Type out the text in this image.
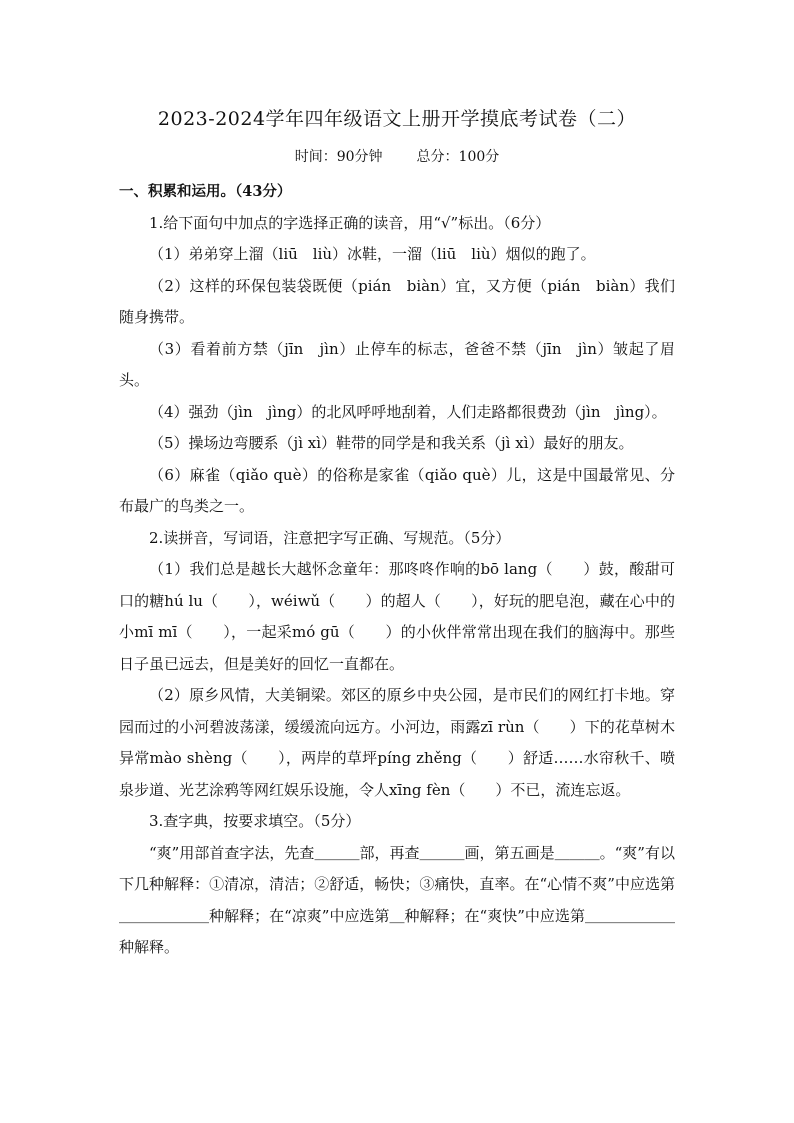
2023-2024学年四年级语文上册开学摸底考试卷（二）
时间：90分钟 总分：100分

一、积累和运用。（43分）

1.给下面句中加点的字选择正确的读音，用“√”标出。（6分）

（1）弟弟穿上溜（liū　liù）冰鞋，一溜（liū　liù）烟似的跑了。

（2）这样的环保包装袋既便（pián　biàn）宜，又方便（pián　biàn）我们随身携带。

（3）看着前方禁（jīn　jìn）止停车的标志，爸爸不禁（jīn　jìn）皱起了眉头。

（4）强劲（jìn　jìng）的北风呼呼地刮着，人们走路都很费劲（jìn　jìng）。

（5）操场边弯腰系（jì xì）鞋带的同学是和我关系（jì xì）最好的朋友。

（6）麻雀（qiǎo què）的俗称是家雀（qiǎo què）儿，这是中国最常见、分布最广的鸟类之一。

2.读拼音，写词语，注意把字写正确、写规范。（5分）

（1）我们总是越长大越怀念童年：那咚咚作响的bō lang（　　）鼓，酸甜可口的糖hú lu（　　），wéiwǔ（　　）的超人（　　），好玩的肥皂泡，藏在心中的小mī mī（　　），一起采mó gū（　　）的小伙伴常常出现在我们的脑海中。那些日子虽已远去，但是美好的回忆一直都在。

（2）原乡风情，大美铜梁。郊区的原乡中央公园，是市民们的网红打卡地。穿园而过的小河碧波荡漾，缓缓流向远方。小河边，雨露zī rùn（　　）下的花草树木异常mào shèng（　　），两岸的草坪píng zhěng（　　）舒适……水帘秋千、喷泉步道、光艺涂鸦等网红娱乐设施，令人xīng fèn（　　）不已，流连忘返。

3.查字典，按要求填空。（5分）

“爽”用部首查字法，先查＿＿＿部，再查＿＿＿画，第五画是＿＿＿。“爽”有以下几种解释：①清凉，清洁；②舒适，畅快；③痛快，直率。在“心情不爽”中应选第＿＿＿＿＿＿种解释；在“凉爽”中应选第＿种解释；在“爽快”中应选第＿＿＿＿＿＿种解释。
